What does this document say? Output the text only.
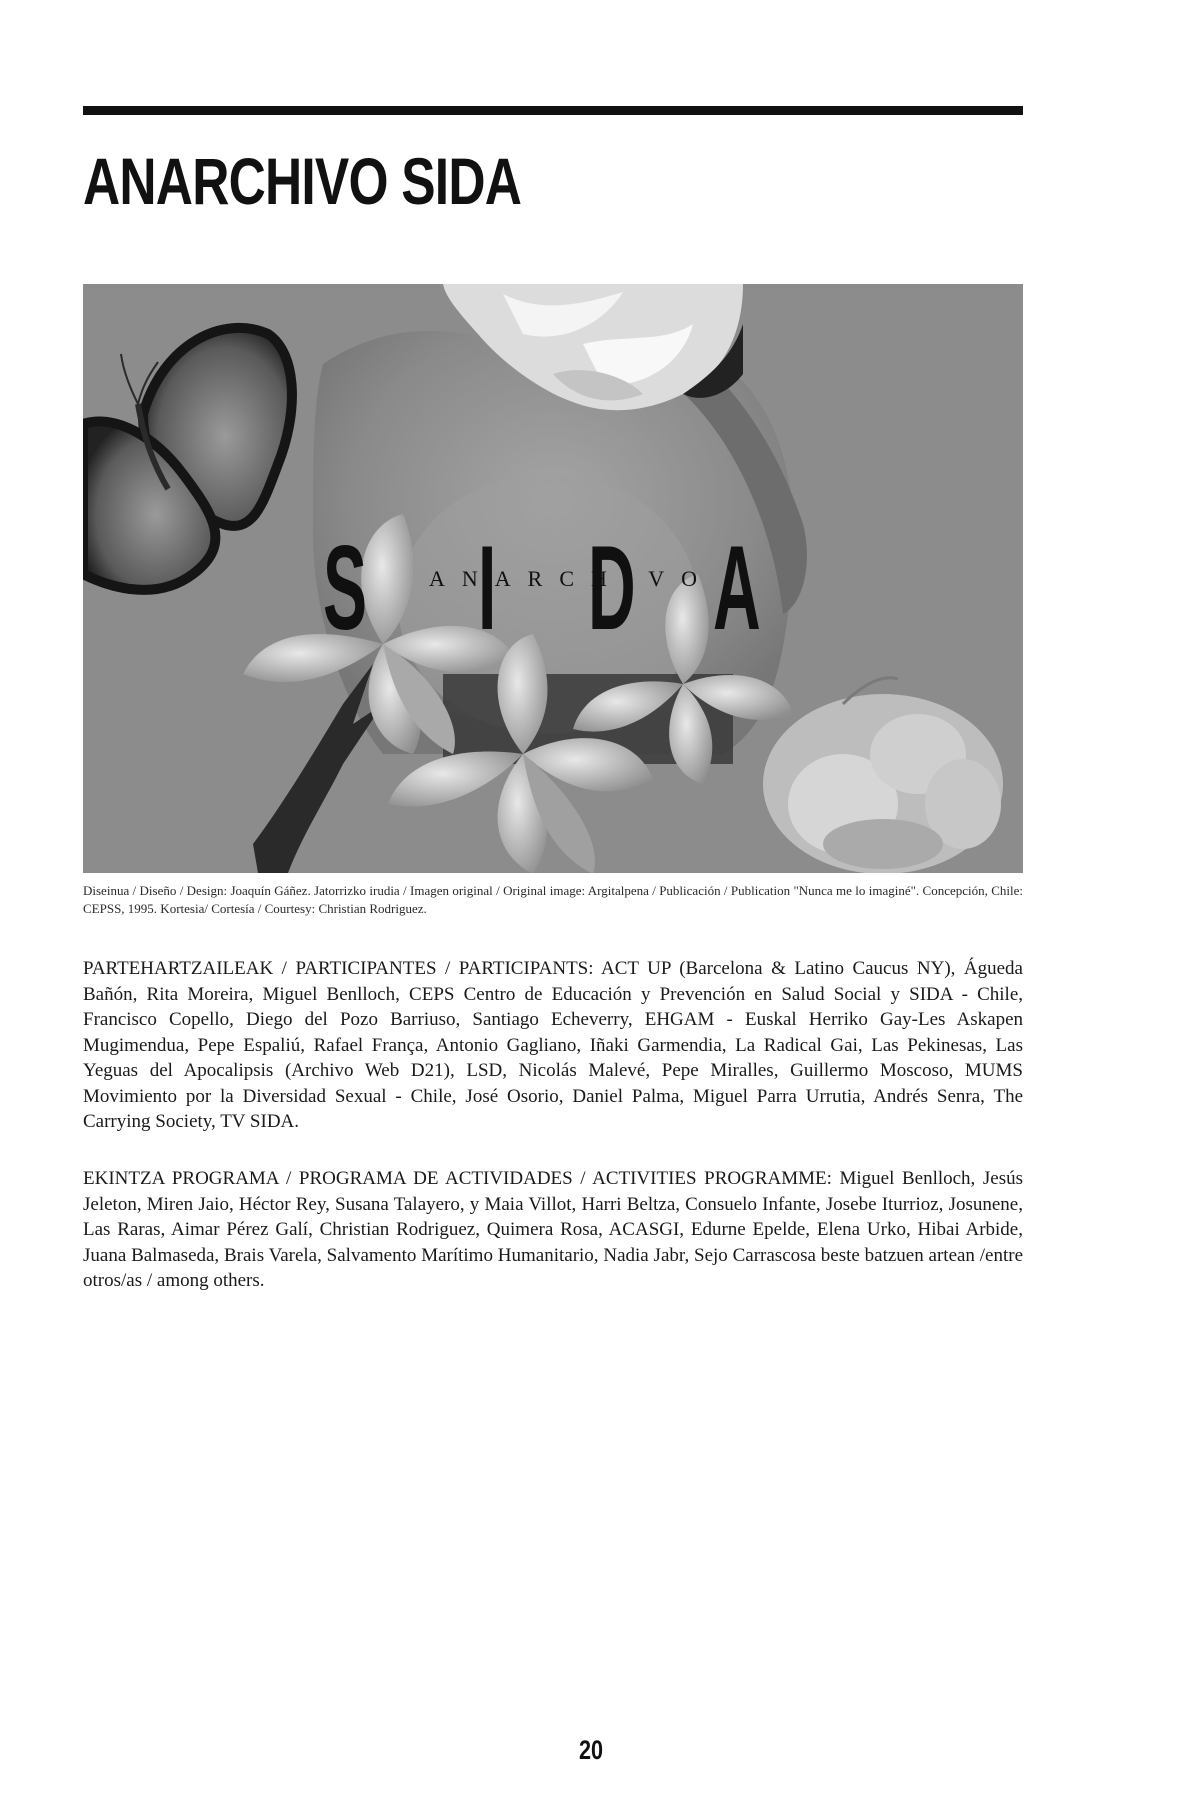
ANARCHIVO SIDA
S I D A
ANARCHIVO

Diseinua / Diseño / Design: Joaquín Gáñez. Jatorrizko irudia / Imagen original / Original image: Argitalpena / Publicación / Publication "Nunca me lo imaginé". Concepción, Chile: CEPSS, 1995. Kortesia/ Cortesía / Courtesy: Christian Rodriguez.

PARTEHARTZAILEAK / PARTICIPANTES / PARTICIPANTS: ACT UP (Barcelona & Latino Caucus NY), Águeda Bañón, Rita Moreira, Miguel Benlloch, CEPS Centro de Educación y Prevención en Salud Social y SIDA - Chile, Francisco Copello, Diego del Pozo Barriuso, Santiago Echeverry, EHGAM - Euskal Herriko Gay-Les Askapen Mugimendua, Pepe Espaliú, Rafael França, Antonio Gagliano, Iñaki Garmendia, La Radical Gai, Las Pekinesas, Las Yeguas del Apocalipsis (Archivo Web D21), LSD, Nicolás Malevé, Pepe Miralles, Guillermo Moscoso, MUMS Movimiento por la Diversidad Sexual - Chile, José Osorio, Daniel Palma, Miguel Parra Urrutia, Andrés Senra, The Carrying Society, TV SIDA.

EKINTZA PROGRAMA / PROGRAMA DE ACTIVIDADES / ACTIVITIES PROGRAMME: Miguel Benlloch, Jesús Jeleton, Miren Jaio, Héctor Rey, Susana Talayero, y Maia Villot, Harri Beltza, Consuelo Infante, Josebe Iturrioz, Josunene, Las Raras, Aimar Pérez Galí, Christian Rodriguez, Quimera Rosa, ACASGI, Edurne Epelde, Elena Urko, Hibai Arbide, Juana Balmaseda, Brais Varela, Salvamento Marítimo Humanitario, Nadia Jabr, Sejo Carrascosa beste batzuen artean /entre otros/as / among others.

20
